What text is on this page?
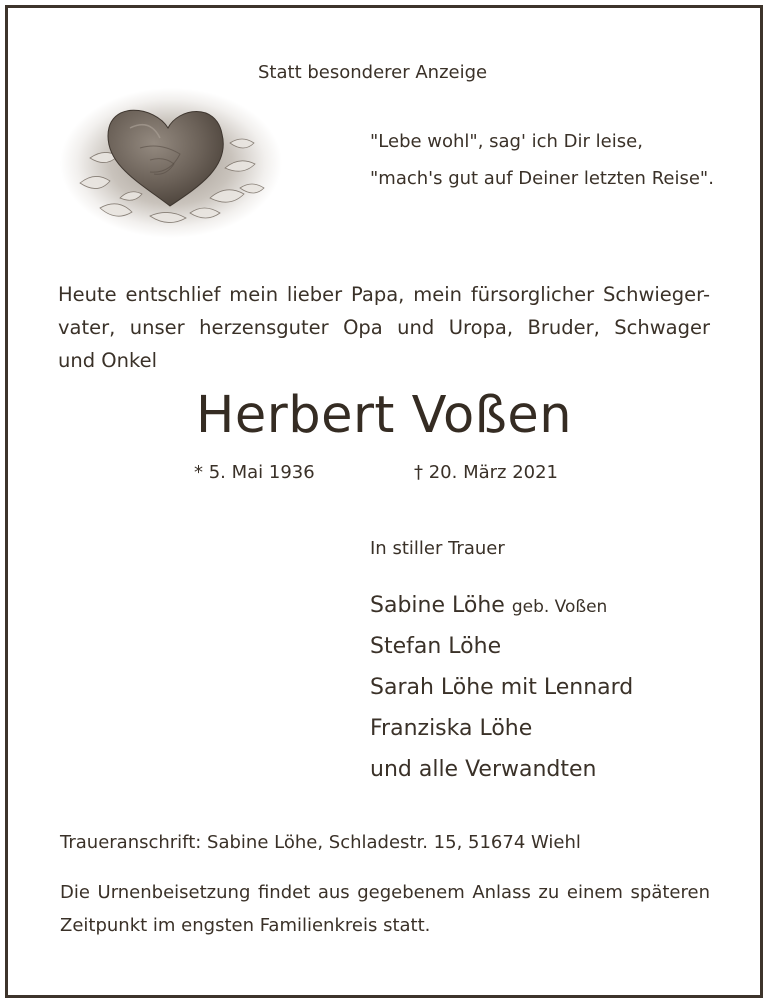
Statt besonderer Anzeige
"Lebe wohl", sag' ich Dir leise,
"mach's gut auf Deiner letzten Reise".
Heute entschlief mein lieber Papa, mein fürsorglicher Schwieger-
vater, unser herzensguter Opa und Uropa, Bruder, Schwager
und Onkel
Herbert Voßen
* 5. Mai 1936	† 20. März 2021
In stiller Trauer
Sabine Löhe geb. Voßen
Stefan Löhe
Sarah Löhe mit Lennard
Franziska Löhe
und alle Verwandten
Traueranschrift: Sabine Löhe, Schladestr. 15, 51674 Wiehl
Die Urnenbeisetzung findet aus gegebenem Anlass zu einem späteren
Zeitpunkt im engsten Familienkreis statt.
